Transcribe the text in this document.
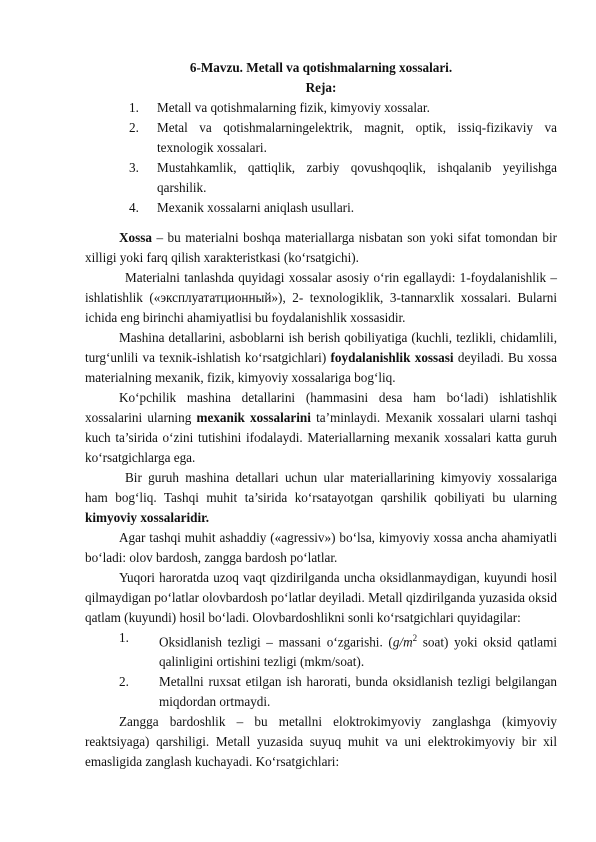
6-Mavzu. Metall va qotishmalarning xossalari.
Reja:
1.	Metall va qotishmalarning fizik, kimyoviy xossalar.
2.	Metal va qotishmalarningelektrik, magnit, optik, issiq-fizikaviy va texnologik xossalari.
3.	Mustahkamlik, qattiqlik, zarbiy qovushqoqlik, ishqalanib yeyilishga qarshilik.
4.	Mexanik xossalarni aniqlash usullari.

Xossa – bu materialni boshqa materiallarga nisbatan son yoki sifat tomondan bir xilligi yoki farq qilish xarakteristkasi (ko‘rsatgichi).

Materialni tanlashda quyidagi xossalar asosiy o‘rin egallaydi: 1-foydalanishlik – ishlatishlik («эксплуататционный»), 2- texnologiklik, 3-tannarxlik xossalari. Bularni ichida eng birinchi ahamiyatlisi bu foydalanishlik xossasidir.

Mashina detallarini, asboblarni ish berish qobiliyatiga (kuchli, tezlikli, chidamlili, turg‘unlili va texnik-ishlatish ko‘rsatgichlari) foydalanishlik xossasi deyiladi. Bu xossa materialning mexanik, fizik, kimyoviy xossalariga bog‘liq.

Ko‘pchilik mashina detallarini (hammasini desa ham bo‘ladi) ishlatishlik xossalarini ularning mexanik xossalarini ta’minlaydi. Mexanik xossalari ularni tashqi kuch ta’sirida o‘zini tutishini ifodalaydi. Materiallarning mexanik xossalari katta guruh ko‘rsatgichlarga ega.

Bir guruh mashina detallari uchun ular materiallarining kimyoviy xossalariga ham bog‘liq. Tashqi muhit ta’sirida ko‘rsatayotgan qarshilik qobiliyati bu ularning kimyoviy xossalaridir.

Agar tashqi muhit ashaddiy («agressiv») bo‘lsa, kimyoviy xossa ancha ahamiyatli bo‘ladi: olov bardosh, zangga bardosh po‘latlar.

Yuqori haroratda uzoq vaqt qizdirilganda uncha oksidlanmaydigan, kuyundi hosil qilmaydigan po‘latlar olovbardosh po‘latlar deyiladi. Metall qizdirilganda yuzasida oksid qatlam (kuyundi) hosil bo‘ladi. Olovbardoshlikni sonli ko‘rsatgichlari quyidagilar:

1.	Oksidlanish tezligi – massani o‘zgarishi. ($g/m^2$ soat) yoki oksid qatlami qalinligini ortishini tezligi (mkm/soat).
2.	Metallni ruxsat etilgan ish harorati, bunda oksidlanish tezligi belgilangan miqdordan ortmaydi.

Zangga bardoshlik – bu metallni eloktrokimyoviy zanglashga (kimyoviy reaktsiyaga) qarshiligi. Metall yuzasida suyuq muhit va uni elektrokimyoviy bir xil emasligida zanglash kuchayadi. Ko‘rsatgichlari:
